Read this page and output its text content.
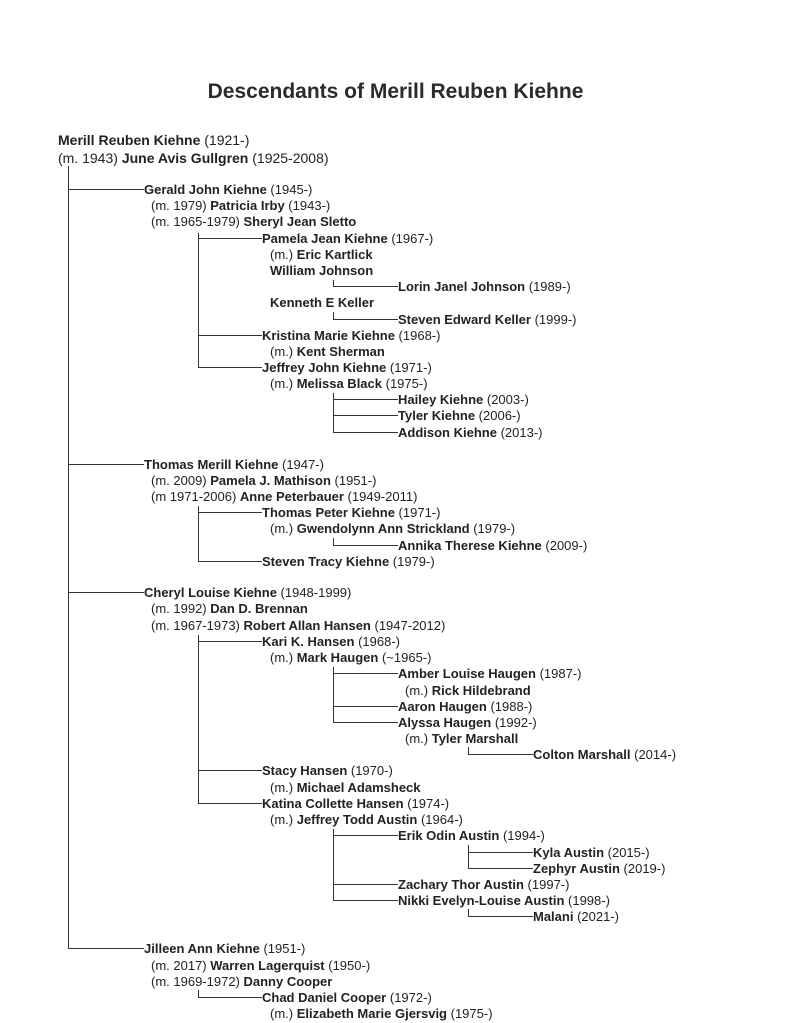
Descendants of Merill Reuben Kiehne
Merill Reuben Kiehne (1921-)
(m. 1943) June Avis Gullgren (1925-2008)
Gerald John Kiehne (1945-)
(m. 1979) Patricia Irby (1943-)
(m. 1965-1979) Sheryl Jean Sletto
Pamela Jean Kiehne (1967-)
(m.) Eric Kartlick
William Johnson
Lorin Janel Johnson (1989-)
Kenneth E Keller
Steven Edward Keller (1999-)
Kristina Marie Kiehne (1968-)
(m.) Kent Sherman
Jeffrey John Kiehne (1971-)
(m.) Melissa Black (1975-)
Hailey Kiehne (2003-)
Tyler Kiehne (2006-)
Addison Kiehne (2013-)
Thomas Merill Kiehne (1947-)
(m. 2009) Pamela J. Mathison (1951-)
(m 1971-2006) Anne Peterbauer (1949-2011)
Thomas Peter Kiehne (1971-)
(m.) Gwendolynn Ann Strickland (1979-)
Annika Therese Kiehne (2009-)
Steven Tracy Kiehne (1979-)
Cheryl Louise Kiehne (1948-1999)
(m. 1992) Dan D. Brennan
(m. 1967-1973) Robert Allan Hansen (1947-2012)
Kari K. Hansen (1968-)
(m.) Mark Haugen (~1965-)
Amber Louise Haugen (1987-)
(m.) Rick Hildebrand
Aaron Haugen (1988-)
Alyssa Haugen (1992-)
(m.) Tyler Marshall
Colton Marshall (2014-)
Stacy Hansen (1970-)
(m.) Michael Adamsheck
Katina Collette Hansen (1974-)
(m.) Jeffrey Todd Austin (1964-)
Erik Odin Austin (1994-)
Kyla Austin (2015-)
Zephyr Austin (2019-)
Zachary Thor Austin (1997-)
Nikki Evelyn-Louise Austin (1998-)
Malani (2021-)
Jilleen Ann Kiehne (1951-)
(m. 2017) Warren Lagerquist (1950-)
(m. 1969-1972) Danny Cooper
Chad Daniel Cooper (1972-)
(m.) Elizabeth Marie Gjersvig (1975-)
